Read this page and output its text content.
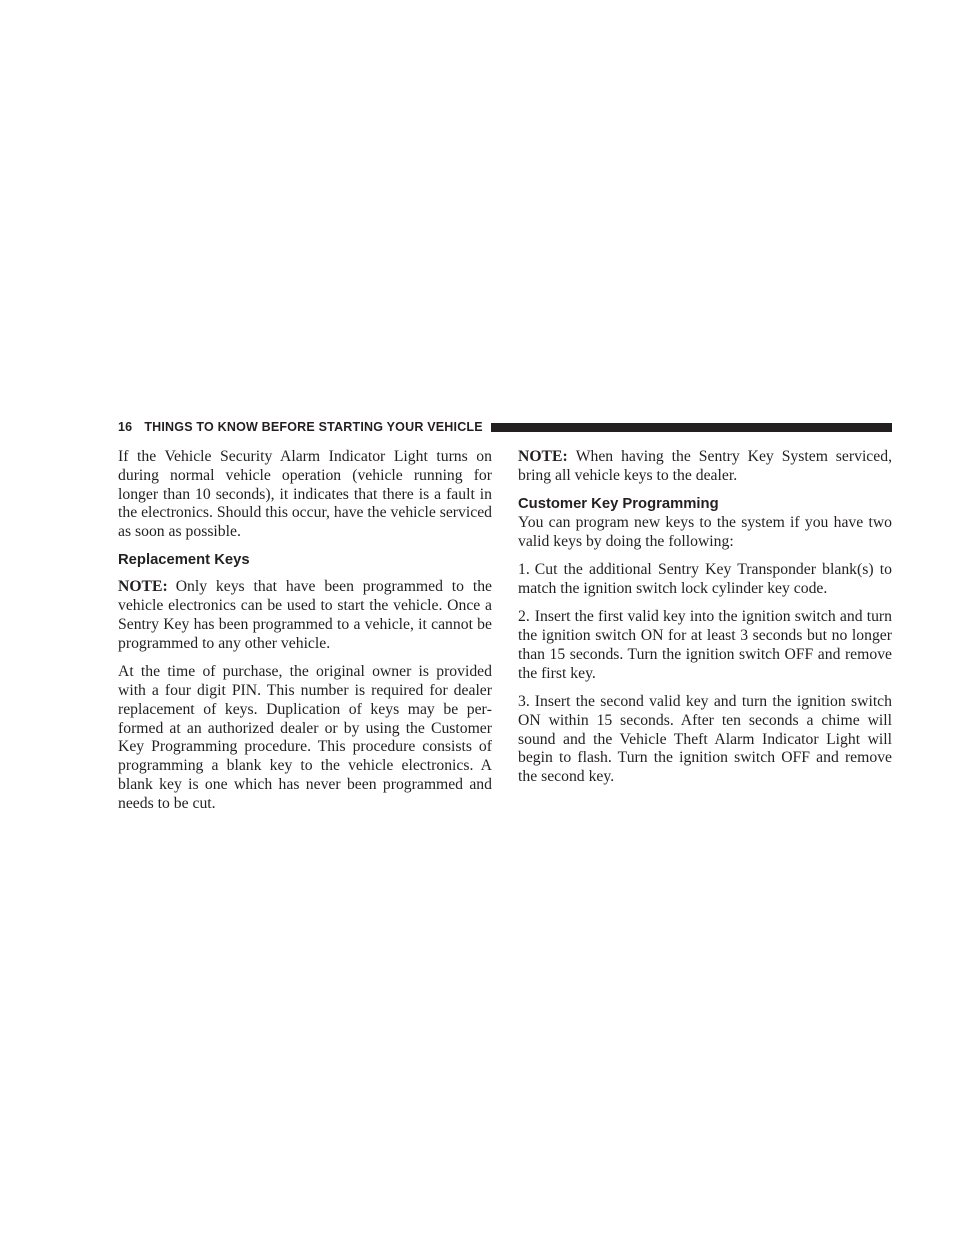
16 THINGS TO KNOW BEFORE STARTING YOUR VEHICLE

If the Vehicle Security Alarm Indicator Light turns on during normal vehicle operation (vehicle running for longer than 10 seconds), it indicates that there is a fault in the electronics. Should this occur, have the vehicle serviced as soon as possible.

Replacement Keys

NOTE: Only keys that have been programmed to the vehicle electronics can be used to start the vehicle. Once a Sentry Key has been programmed to a vehicle, it cannot be programmed to any other vehicle.

At the time of purchase, the original owner is provided with a four digit PIN. This number is required for dealer replacement of keys. Duplication of keys may be performed at an authorized dealer or by using the Customer Key Programming procedure. This procedure consists of programming a blank key to the vehicle electronics. A blank key is one which has never been programmed and needs to be cut.

NOTE: When having the Sentry Key System serviced, bring all vehicle keys to the dealer.

Customer Key Programming

You can program new keys to the system if you have two valid keys by doing the following:

1. Cut the additional Sentry Key Transponder blank(s) to match the ignition switch lock cylinder key code.

2. Insert the first valid key into the ignition switch and turn the ignition switch ON for at least 3 seconds but no longer than 15 seconds. Turn the ignition switch OFF and remove the first key.

3. Insert the second valid key and turn the ignition switch ON within 15 seconds. After ten seconds a chime will sound and the Vehicle Theft Alarm Indicator Light will begin to flash. Turn the ignition switch OFF and remove the second key.
